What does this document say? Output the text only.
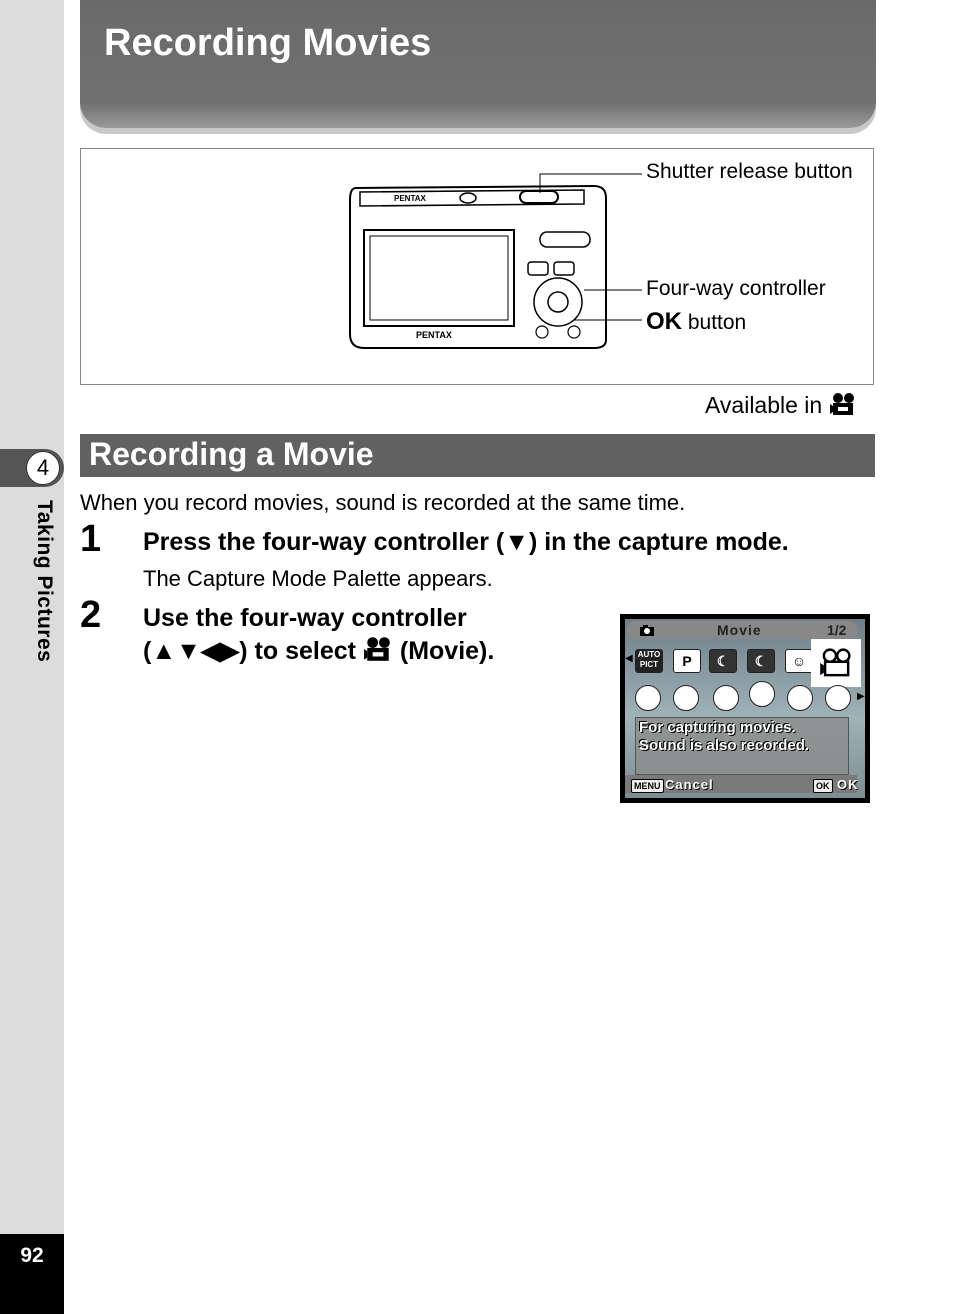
4
Taking Pictures
92
Recording Movies
PENTAX
PENTAX
Shutter release button
Four-way controller
OK button
Available in
Recording a Movie
When you record movies, sound is recorded at the same time.
1 Press the four-way controller (▼) in the capture mode.
The Capture Mode Palette appears.
2 Use the four-way controller
(▲▼◀▶) to select (Movie).
Movie	1/2
◀ AUTO PICT	P	☾	☾	☺
▶
For capturing movies.
Sound is also recorded.
MENU Cancel	OK OK
